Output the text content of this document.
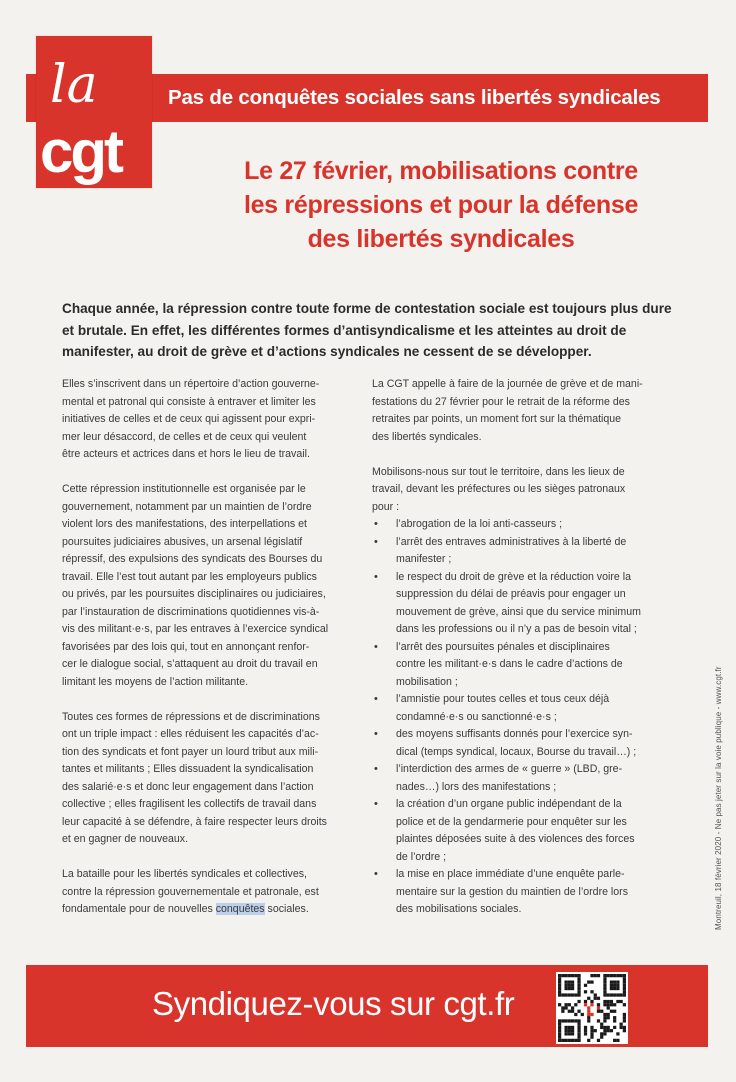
la
cgt
Pas de conquêtes sociales sans libertés syndicales
Le 27 février, mobilisations contre
les répressions et pour la défense
des libertés syndicales
Chaque année, la répression contre toute forme de contestation sociale est toujours plus dure
et brutale. En effet, les différentes formes d’antisyndicalisme et les atteintes au droit de
manifester, au droit de grève et d’actions syndicales ne cessent de se développer.
Elles s’inscrivent dans un répertoire d’action gouverne-
mental et patronal qui consiste à entraver et limiter les
initiatives de celles et de ceux qui agissent pour expri-
mer leur désaccord, de celles et de ceux qui veulent
être acteurs et actrices dans et hors le lieu de travail.
Cette répression institutionnelle est organisée par le
gouvernement, notamment par un maintien de l’ordre
violent lors des manifestations, des interpellations et
poursuites judiciaires abusives, un arsenal législatif
répressif, des expulsions des syndicats des Bourses du
travail. Elle l’est tout autant par les employeurs publics
ou privés, par les poursuites disciplinaires ou judiciaires,
par l’instauration de discriminations quotidiennes vis-à-
vis des militant·e·s, par les entraves à l’exercice syndical
favorisées par des lois qui, tout en annonçant renfor-
cer le dialogue social, s’attaquent au droit du travail en
limitant les moyens de l’action militante.
Toutes ces formes de répressions et de discriminations
ont un triple impact : elles réduisent les capacités d’ac-
tion des syndicats et font payer un lourd tribut aux mili-
tantes et militants ; Elles dissuadent la syndicalisation
des salarié·e·s et donc leur engagement dans l’action
collective ; elles fragilisent les collectifs de travail dans
leur capacité à se défendre, à faire respecter leurs droits
et en gagner de nouveaux.
La bataille pour les libertés syndicales et collectives,
contre la répression gouvernementale et patronale, est
fondamentale pour de nouvelles conquêtes sociales.
La CGT appelle à faire de la journée de grève et de mani-
festations du 27 février pour le retrait de la réforme des
retraites par points, un moment fort sur la thématique
des libertés syndicales.
Mobilisons-nous sur tout le territoire, dans les lieux de
travail, devant les préfectures ou les sièges patronaux
pour :
• l’abrogation de la loi anti-casseurs ;
• l’arrêt des entraves administratives à la liberté de
manifester ;
• le respect du droit de grève et la réduction voire la
suppression du délai de préavis pour engager un
mouvement de grève, ainsi que du service minimum
dans les professions ou il n’y a pas de besoin vital ;
• l’arrêt des poursuites pénales et disciplinaires
contre les militant·e·s dans le cadre d’actions de
mobilisation ;
• l’amnistie pour toutes celles et tous ceux déjà
condamné·e·s ou sanctionné·e·s ;
• des moyens suffisants donnés pour l’exercice syn-
dical (temps syndical, locaux, Bourse du travail…) ;
• l’interdiction des armes de « guerre » (LBD, gre-
nades…) lors des manifestations ;
• la création d’un organe public indépendant de la
police et de la gendarmerie pour enquêter sur les
plaintes déposées suite à des violences des forces
de l’ordre ;
• la mise en place immédiate d’une enquête parle-
mentaire sur la gestion du maintien de l’ordre lors
des mobilisations sociales.	Montreuil, 18 février 2020 - Ne pas jeter sur la voie publique - www.cgt.fr
Syndiquez-vous sur cgt.fr
